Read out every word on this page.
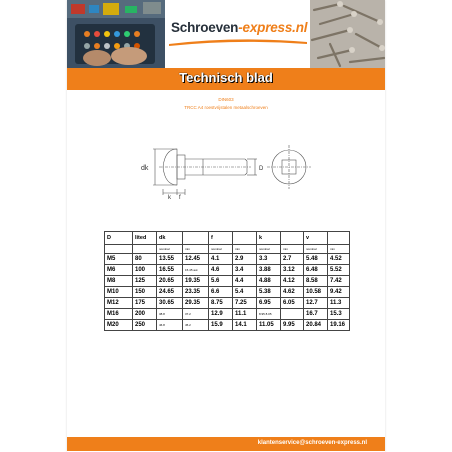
Schroeven-express.nl
Technisch blad
DIN603
TRCC A4 roestvrijstalen metaalschroeven
dk	D
k f
D	lited	dk		f		k		v	
		nominal	min	nominal	min	nominal	min	nominal	min
M5	80	13.55	12.45	4.1	2.9	3.3	2.7	5.48	4.52
M6	100	16.55	15.45 aut	4.6	3.4	3.88	3.12	6.48	5.52
M8	125	20.65	19.35	5.6	4.4	4.88	4.12	8.58	7.42
M10	150	24.65	23.35	6.6	5.4	5.38	4.62	10.58	9.42
M12	175	30.65	29.35	8.75	7.25	6.95	6.05	12.7	11.3
M16	200	38.8	37.2	12.9	11.1	8.95 8.05		16.7	15.3
M20	250	46.8	45.2	15.9	14.1	11.05	9.95	20.84	19.16
klantenservice@schroeven-express.nl
